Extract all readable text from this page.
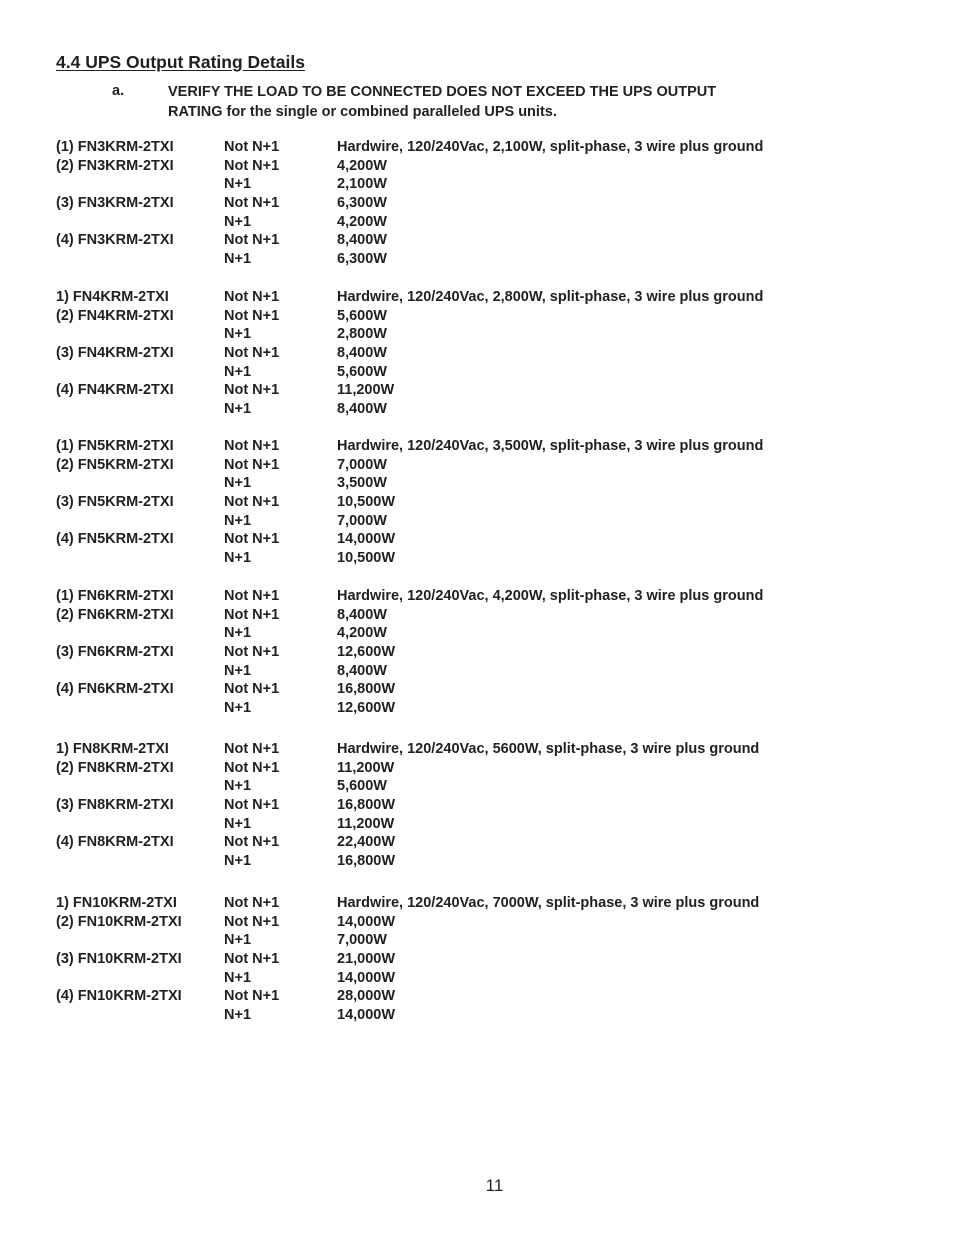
4.4 UPS Output Rating Details
a.	VERIFY THE LOAD TO BE CONNECTED DOES NOT EXCEED THE UPS OUTPUT
RATING for the single or combined paralleled UPS units.
(1) FN3KRM-2TXI	Not N+1	Hardwire, 120/240Vac, 2,100W, split-phase, 3 wire plus ground
(2) FN3KRM-2TXI	Not N+1	4,200W
N+1	2,100W
(3) FN3KRM-2TXI	Not N+1	6,300W
N+1	4,200W
(4) FN3KRM-2TXI	Not N+1	8,400W
N+1	6,300W
1) FN4KRM-2TXI	Not N+1	Hardwire, 120/240Vac, 2,800W, split-phase, 3 wire plus ground
(2) FN4KRM-2TXI	Not N+1	5,600W
N+1	2,800W
(3) FN4KRM-2TXI	Not N+1	8,400W
N+1	5,600W
(4) FN4KRM-2TXI	Not N+1	11,200W
N+1	8,400W
(1) FN5KRM-2TXI	Not N+1	Hardwire, 120/240Vac, 3,500W, split-phase, 3 wire plus ground
(2) FN5KRM-2TXI	Not N+1	7,000W
N+1	3,500W
(3) FN5KRM-2TXI	Not N+1	10,500W
N+1	7,000W
(4) FN5KRM-2TXI	Not N+1	14,000W
N+1	10,500W
(1) FN6KRM-2TXI	Not N+1	Hardwire, 120/240Vac, 4,200W, split-phase, 3 wire plus ground
(2) FN6KRM-2TXI	Not N+1	8,400W
N+1	4,200W
(3) FN6KRM-2TXI	Not N+1	12,600W
N+1	8,400W
(4) FN6KRM-2TXI	Not N+1	16,800W
N+1	12,600W
1) FN8KRM-2TXI	Not N+1	Hardwire, 120/240Vac, 5600W, split-phase, 3 wire plus ground
(2) FN8KRM-2TXI	Not N+1	11,200W
N+1	5,600W
(3) FN8KRM-2TXI	Not N+1	16,800W
N+1	11,200W
(4) FN8KRM-2TXI	Not N+1	22,400W
N+1	16,800W
1) FN10KRM-2TXI	Not N+1	Hardwire, 120/240Vac, 7000W, split-phase, 3 wire plus ground
(2) FN10KRM-2TXI	Not N+1	14,000W
N+1	7,000W
(3) FN10KRM-2TXI	Not N+1	21,000W
N+1	14,000W
(4) FN10KRM-2TXI	Not N+1	28,000W
N+1	14,000W
11
